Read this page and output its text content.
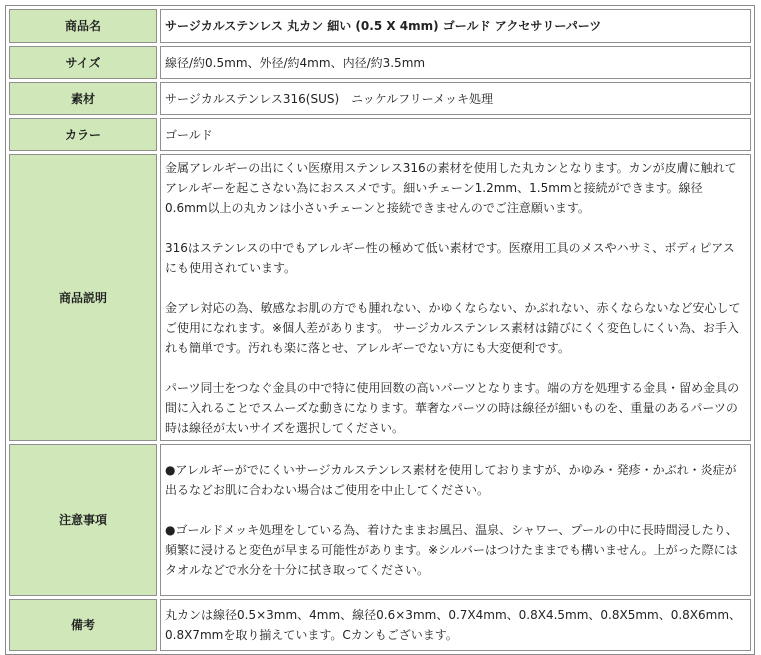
商品名	サージカルステンレス 丸カン 細い (0.5 X 4mm) ゴールド アクセサリーパーツ
サイズ	線径/約0.5mm、外径/約4mm、内径/約3.5mm
素材	サージカルステンレス316(SUS)　ニッケルフリーメッキ処理
カラー	ゴールド
商品説明	金属アレルギーの出にくい医療用ステンレス316の素材を使用した丸カンとなります。カンが皮膚に触れてアレルギーを起こさない為におススメです。細いチェーン1.2mm、1.5mmと接続ができます。線径0.6mm以上の丸カンは小さいチェーンと接続できませんのでご注意願います。

316はステンレスの中でもアレルギー性の極めて低い素材です。医療用工具のメスやハサミ、ボディピアスにも使用されています。

金アレ対応の為、敏感なお肌の方でも腫れない、かゆくならない、かぶれない、赤くならないなど安心してご使用になれます。※個人差があります。 サージカルステンレス素材は錆びにくく変色しにくい為、お手入れも簡単です。汚れも楽に落とせ、アレルギーでない方にも大変便利です。

パーツ同士をつなぐ金具の中で特に使用回数の高いパーツとなります。端の方を処理する金具・留め金具の間に入れることでスムーズな動きになります。華奢なパーツの時は線径が細いものを、重量のあるパーツの時は線径が太いサイズを選択してください。

注意事項	●アレルギーがでにくいサージカルステンレス素材を使用しておりますが、かゆみ・発疹・かぶれ・炎症が出るなどお肌に合わない場合はご使用を中止してください。

●ゴールドメッキ処理をしている為、着けたままお風呂、温泉、シャワー、プールの中に長時間浸したり、頻繁に浸けると変色が早まる可能性があります。※シルバーはつけたままでも構いません。上がった際にはタオルなどで水分を十分に拭き取ってください。

備考	丸カンは線径0.5×3mm、4mm、線径0.6×3mm、0.7X4mm、0.8X4.5mm、0.8X5mm、0.8X6mm、0.8X7mmを取り揃えています。Cカンもございます。
